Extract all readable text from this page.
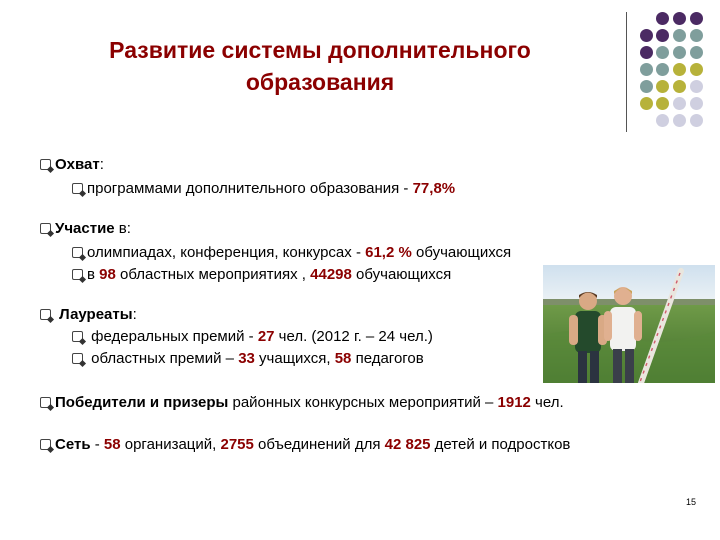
Развитие системы дополнительного
образования
Охват:
программами дополнительного образования - 77,8%
Участие в:
олимпиадах, конференция, конкурсах - 61,2 % обучающихся
в 98 областных мероприятиях , 44298 обучающихся
Лауреаты:
федеральных премий - 27 чел. (2012 г. – 24 чел.)
областных премий – 33 учащихся, 58 педагогов
Победители и призеры районных конкурсных мероприятий – 1912 чел.
Сеть - 58 организаций, 2755 объединений для 42 825 детей и подростков
15
